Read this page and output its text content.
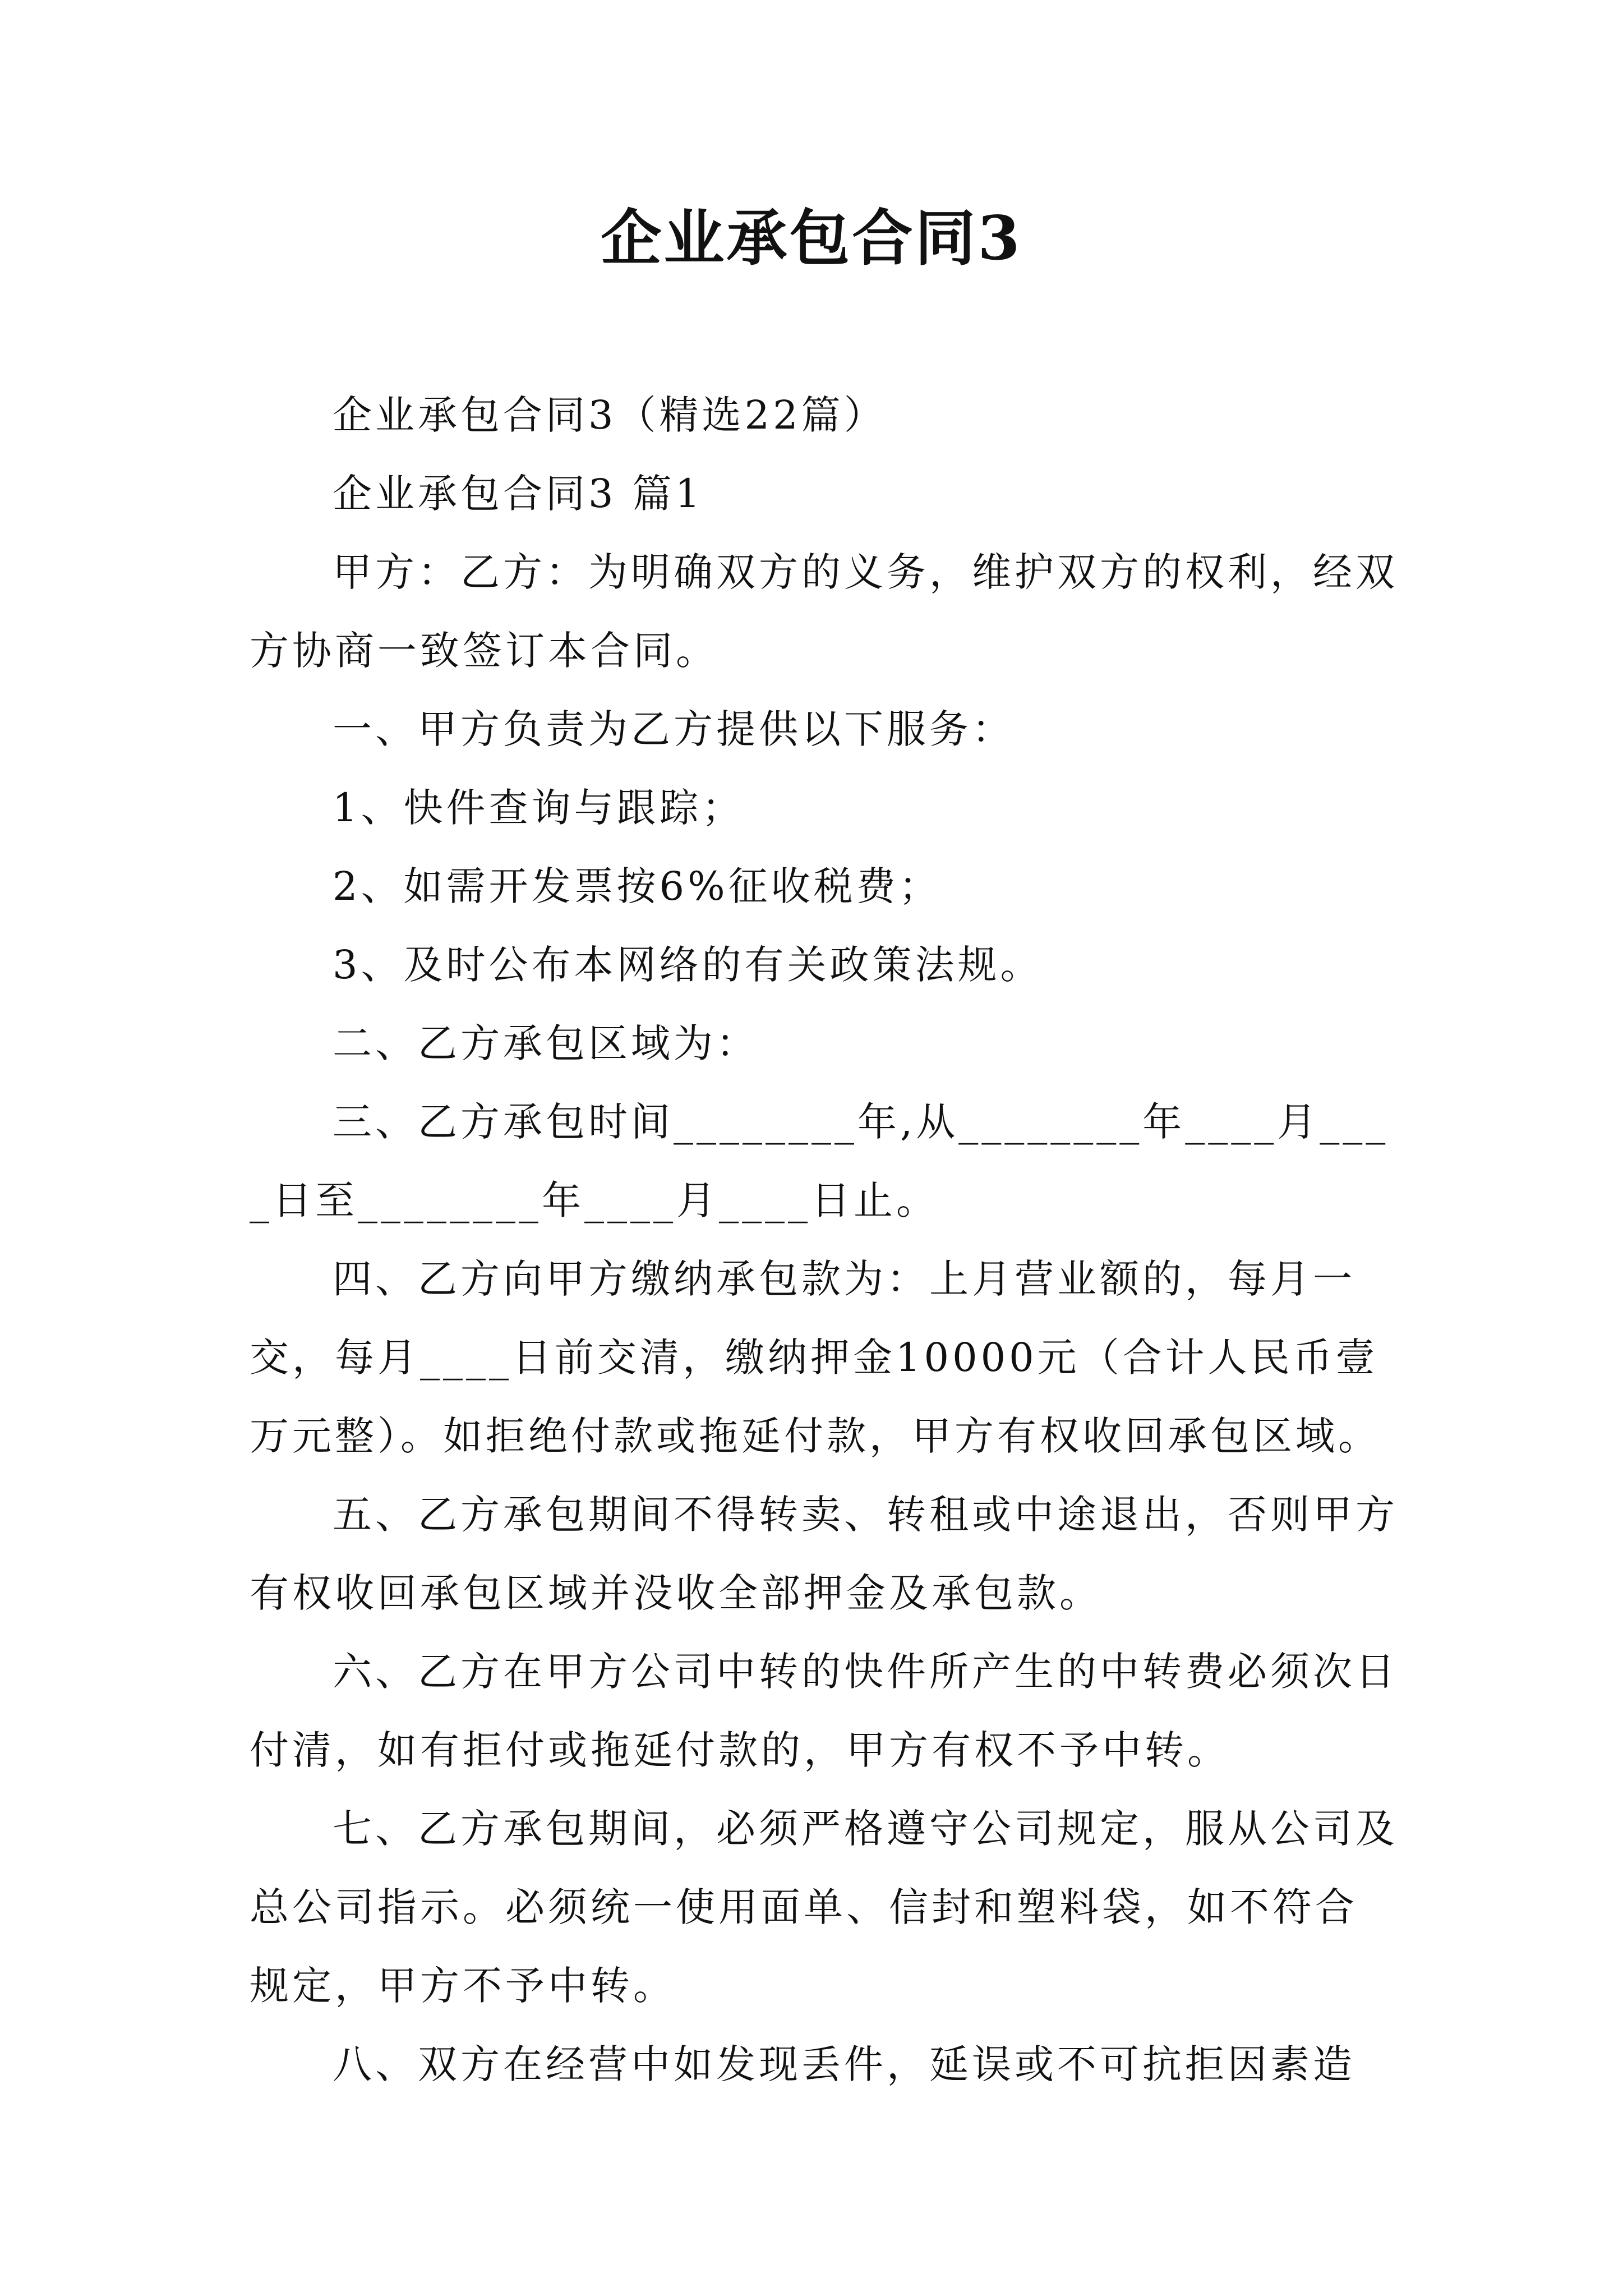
企业承包合同3

企业承包合同3（精选22篇）

企业承包合同3 篇1

甲方：乙方：为明确双方的义务，维护双方的权利，经双方协商一致签订本合同。

一、甲方负责为乙方提供以下服务：

1、快件查询与跟踪；

2、如需开发票按6%征收税费；

3、及时公布本网络的有关政策法规。

二、乙方承包区域为：

三、乙方承包时间________年,从________年____月____日至________年____月____日止。

四、乙方向甲方缴纳承包款为：上月营业额的，每月一交，每月____日前交清，缴纳押金10000元（合计人民币壹万元整）。如拒绝付款或拖延付款，甲方有权收回承包区域。

五、乙方承包期间不得转卖、转租或中途退出，否则甲方有权收回承包区域并没收全部押金及承包款。

六、乙方在甲方公司中转的快件所产生的中转费必须次日付清，如有拒付或拖延付款的，甲方有权不予中转。

七、乙方承包期间，必须严格遵守公司规定，服从公司及总公司指示。必须统一使用面单、信封和塑料袋，如不符合规定，甲方不予中转。

八、双方在经营中如发现丢件，延误或不可抗拒因素造
